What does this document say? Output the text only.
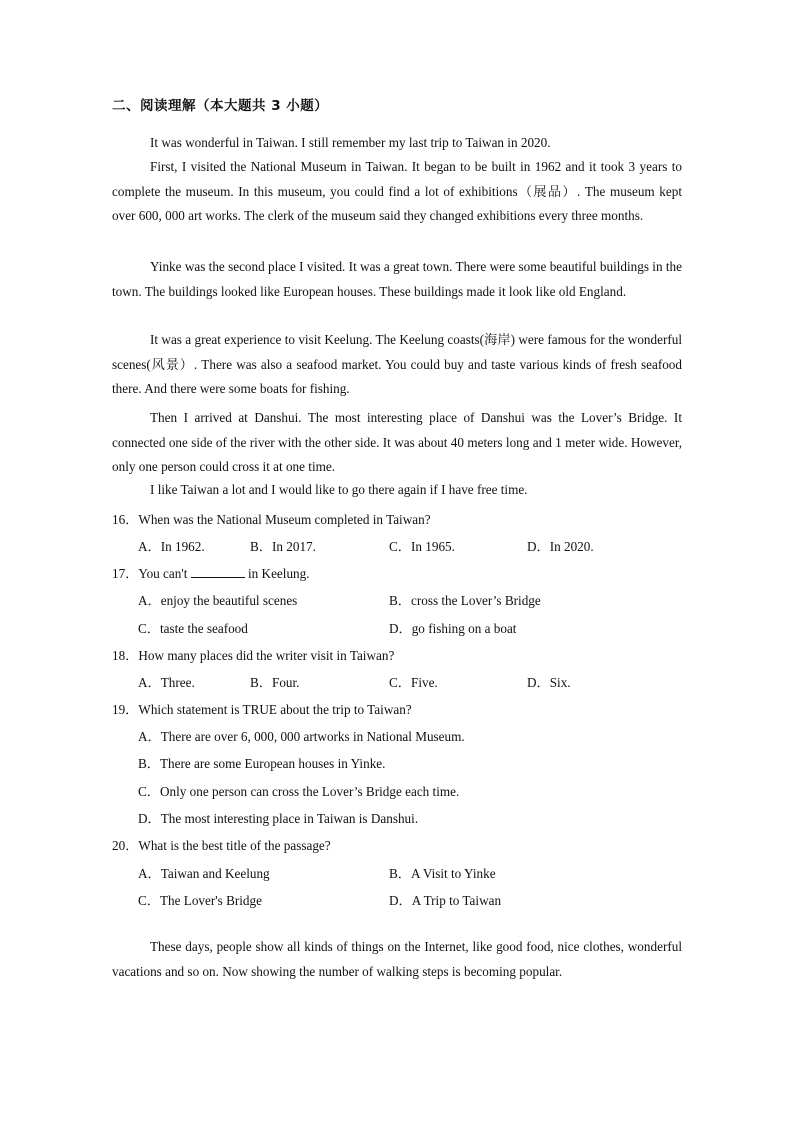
二、阅读理解（本大题共 3 小题）

It was wonderful in Taiwan. I still remember my last trip to Taiwan in 2020.

First, I visited the National Museum in Taiwan. It began to be built in 1962 and it took 3 years to complete the museum. In this museum, you could find a lot of exhibitions（展品）. The museum kept over 600, 000 art works. The clerk of the museum said they changed exhibitions every three months.

Yinke was the second place I visited. It was a great town. There were some beautiful buildings in the town. The buildings looked like European houses. These buildings made it look like old England.

It was a great experience to visit Keelung. The Keelung coasts(海岸) were famous for the wonderful scenes(风景）. There was also a seafood market. You could buy and taste various kinds of fresh seafood there. And there were some boats for fishing.

Then I arrived at Danshui. The most interesting place of Danshui was the Lover’s Bridge. It connected one side of the river with the other side. It was about 40 meters long and 1 meter wide. However, only one person could cross it at one time.

I like Taiwan a lot and I would like to go there again if I have free time.

16．When was the National Museum completed in Taiwan?
A．In 1962.	B．In 2017.	C．In 1965.	D．In 2020.
17．You can't	in Keelung.
A．enjoy the beautiful scenes	B．cross the Lover’s Bridge
C．taste the seafood	D．go fishing on a boat
18．How many places did the writer visit in Taiwan?
A．Three.	B．Four.	C．Five.	D．Six.
19．Which statement is TRUE about the trip to Taiwan?
A．There are over 6, 000, 000 artworks in National Museum.
B．There are some European houses in Yinke.
C．Only one person can cross the Lover’s Bridge each time.
D．The most interesting place in Taiwan is Danshui.
20．What is the best title of the passage?
A．Taiwan and Keelung	B．A Visit to Yinke
C．The Lover's Bridge	D．A Trip to Taiwan

These days, people show all kinds of things on the Internet, like good food, nice clothes, wonderful vacations and so on. Now showing the number of walking steps is becoming popular.
